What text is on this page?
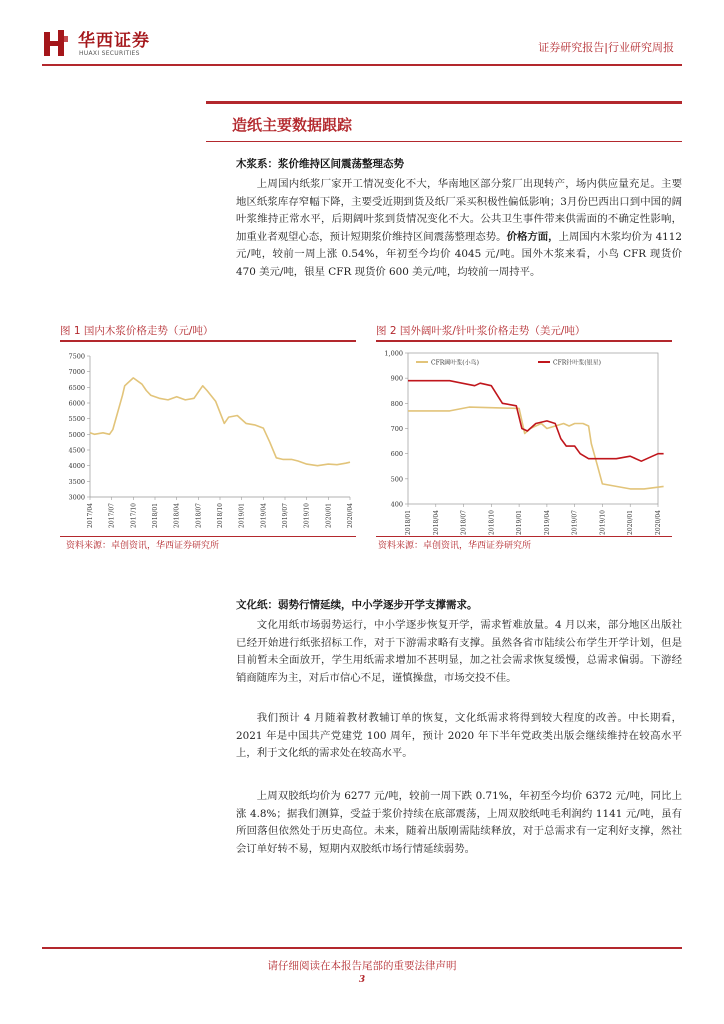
华西证券
HUAXI SECURITIES	证券研究报告|行业研究周报
造纸主要数据跟踪
木浆系：浆价维持区间震荡整理态势
上周国内纸浆厂家开工情况变化不大，华南地区部分浆厂出现转产，场内供应量充足。主要地区纸浆库存窄幅下降，主要受近期到货及纸厂采买积极性偏低影响；3月份巴西出口到中国的阔叶浆维持正常水平，后期阔叶浆到货情况变化不大。公共卫生事件带来供需面的不确定性影响，加重业者观望心态，预计短期浆价维持区间震荡整理态势。价格方面，上周国内木浆均价为 4112 元/吨，较前一周上涨 0.54%，年初至今均价 4045 元/吨。国外木浆来看，小鸟 CFR 现货价 470 美元/吨，银星 CFR 现货价 600 美元/吨，均较前一周持平。
图 1 国内木浆价格走势（元/吨）
7500
7000
6500
6000
5500
5000
4500
4000
3500
3000
2017/04 2017/07 2017/10 2018/01 2018/04 2018/07 2018/10 2019/01 2019/04 2019/07 2019/10 2020/01 2020/04
资料来源：卓创资讯，华西证券研究所
图 2 国外阔叶浆/针叶浆价格走势（美元/吨）
1,000
900
800
700
600
500
400
2018/01	2018/04	2018/07	2018/10	2019/01	2019/04	2019/07	2019/10	2020/01	2020/04
CFR阔叶浆(小鸟)	CFR针叶浆(银星)
资料来源：卓创资讯，华西证券研究所
文化纸：弱势行情延续，中小学逐步开学支撑需求。
文化用纸市场弱势运行，中小学逐步恢复开学，需求暂难放量。4 月以来，部分地区出版社已经开始进行纸张招标工作，对于下游需求略有支撑。虽然各省市陆续公布学生开学计划，但是目前暂未全面放开，学生用纸需求增加不甚明显，加之社会需求恢复缓慢，总需求偏弱。下游经销商随库为主，对后市信心不足，谨慎操盘，市场交投不佳。
我们预计 4 月随着教材教辅订单的恢复，文化纸需求将得到较大程度的改善。中长期看，2021 年是中国共产党建党 100 周年，预计 2020 年下半年党政类出版会继续维持在较高水平上，利于文化纸的需求处在较高水平。
上周双胶纸均价为 6277 元/吨，较前一周下跌 0.71%，年初至今均价 6372 元/吨，同比上涨 4.8%；据我们测算，受益于浆价持续在底部震荡，上周双胶纸吨毛利润约 1141 元/吨，虽有所回落但依然处于历史高位。未来，随着出版刚需陆续释放，对于总需求有一定利好支撑，然社会订单好转不易，短期内双胶纸市场行情延续弱势。
请仔细阅读在本报告尾部的重要法律声明
3
